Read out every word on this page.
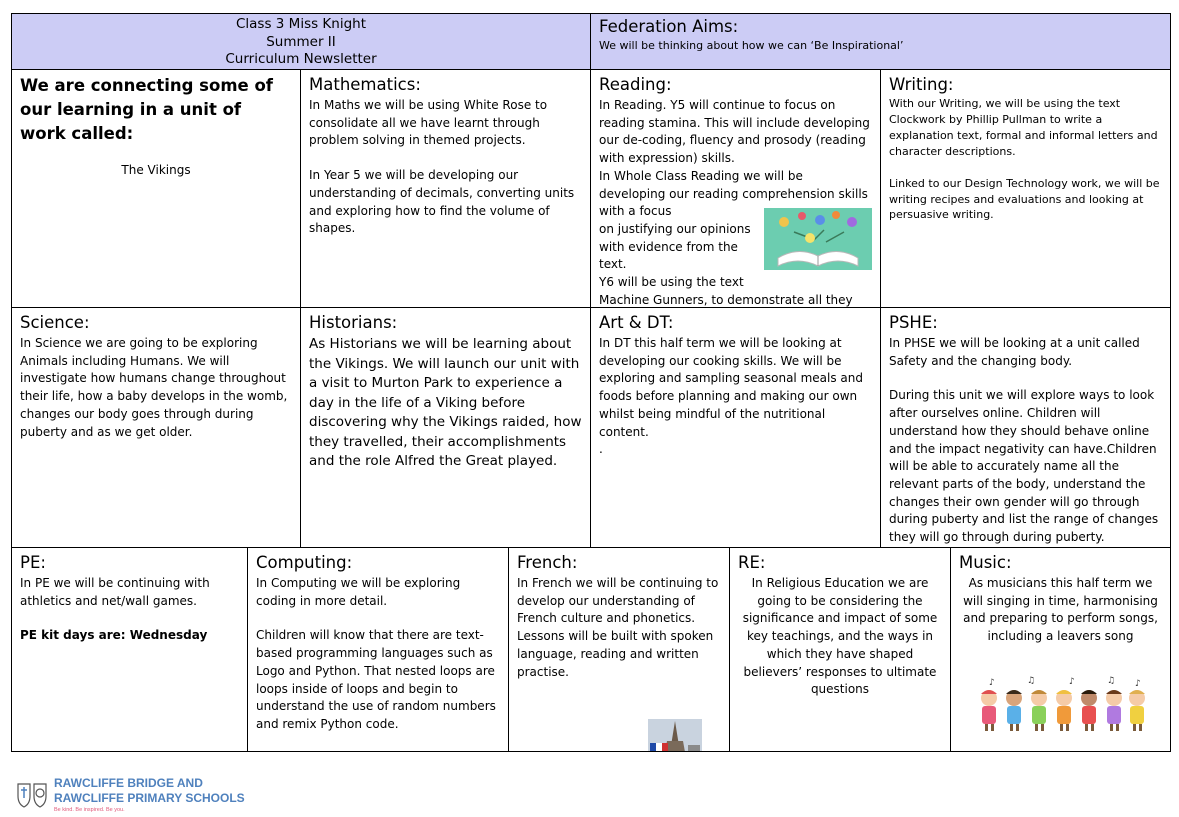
Class 3 Miss Knight
Summer II
Curriculum Newsletter
Federation Aims:
We will be thinking about how we can ‘Be Inspirational’
We are connecting some of our learning in a unit of work called:
The Vikings
Mathematics:
In Maths we will be using White Rose to consolidate all we have learnt through problem solving in themed projects.
In Year 5 we will be developing our understanding of decimals, converting units and exploring how to find the volume of shapes.
Reading:
In Reading. Y5 will continue to focus on reading stamina. This will include developing our de-coding, fluency and prosody (reading with expression) skills.
In Whole Class Reading we will be developing our reading comprehension skills with a focus
on justifying our opinions
with evidence from the
text.
Y6 will be using the text
Machine Gunners, to demonstrate all they
Writing:
With our Writing, we will be using the text Clockwork by Phillip Pullman to write a explanation text, formal and informal letters and character descriptions.
Linked to our Design Technology work, we will be writing recipes and evaluations and looking at persuasive writing.
Science:
In Science we are going to be exploring Animals including Humans. We will investigate how humans change throughout their life, how a baby develops in the womb, changes our body goes through during puberty and as we get older.
Historians:
As Historians we will be learning about the Vikings. We will launch our unit with a visit to Murton Park to experience a day in the life of a Viking before discovering why the Vikings raided, how they travelled, their accomplishments and the role Alfred the Great played.
Art & DT:
In DT this half term we will be looking at developing our cooking skills. We will be exploring and sampling seasonal meals and foods before planning and making our own whilst being mindful of the nutritional content.
.
PSHE:
In PHSE we will be looking at a unit called Safety and the changing body.
During this unit we will explore ways to look after ourselves online. Children will understand how they should behave online and the impact negativity can have.Children will be able to accurately name all the relevant parts of the body, understand the changes their own gender will go through during puberty and list the range of changes they will go through during puberty.
PE:
In PE we will be continuing with athletics and net/wall games.
PE kit days are: Wednesday
Computing:
In Computing we will be exploring coding in more detail.
Children will know that there are text-based programming languages such as Logo and Python. That nested loops are loops inside of loops and begin to understand the use of random numbers and remix Python code.
French:
In French we will be continuing to develop our understanding of French culture and phonetics. Lessons will be built with spoken language, reading and written practise.
RE:
In Religious Education we are going to be considering the significance and impact of some key teachings, and the ways in which they have shaped believers’ responses to ultimate questions
Music:
As musicians this half term we will singing in time, harmonising and preparing to perform songs, including a leavers song
♪	♫	♪	♫ ♪
RAWCLIFFE BRIDGE AND
RAWCLIFFE PRIMARY SCHOOLS
Be kind. Be inspired. Be you.
